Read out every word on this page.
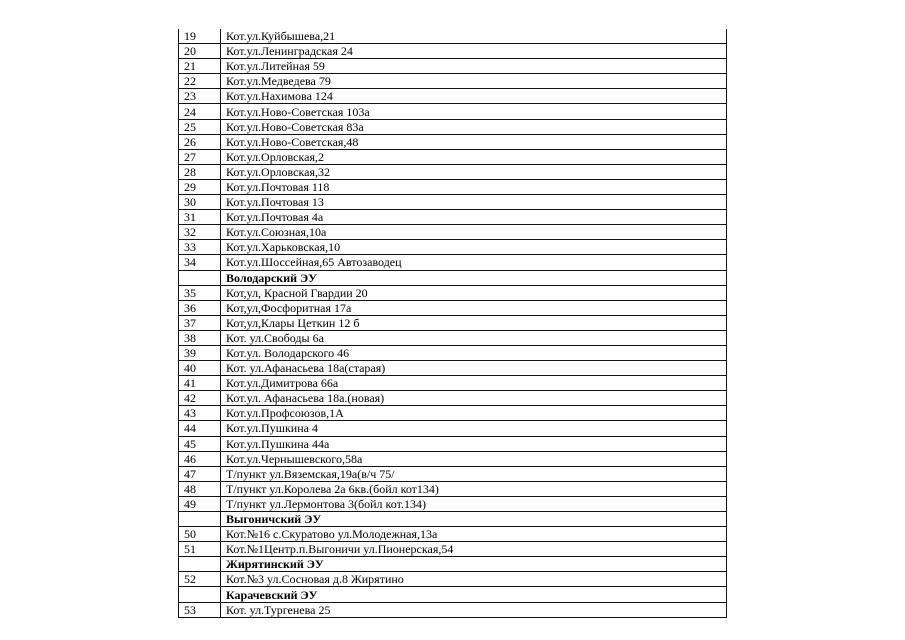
19	Кот.ул.Куйбышева,21
20	Кот.ул.Ленинградская 24
21	Кот.ул.Литейная 59
22	Кот.ул.Медведева 79
23	Кот.ул.Нахимова 124
24	Кот.ул.Ново-Советская 103а
25	Кот.ул.Ново-Советская 83а
26	Кот.ул.Ново-Советская,48
27	Кот.ул.Орловская,2
28	Кот.ул.Орловская,32
29	Кот.ул.Почтовая 118
30	Кот.ул.Почтовая 13
31	Кот.ул.Почтовая 4а
32	Кот.ул.Союзная,10а
33	Кот.ул.Харьковская,10
34	Кот.ул.Шоссейная,65 Автозаводец
	Володарский ЭУ
35	Кот,ул, Красной Гвардии 20
36	Кот,ул,Фосфоритная 17а
37	Кот,ул,Клары Цеткин 12 б
38	Кот. ул.Свободы 6а
39	Кот.ул. Володарского 46
40	Кот. ул.Афанасьева 18а(старая)
41	Кот.ул.Димитрова 66а
42	Кот.ул. Афанасьева 18а.(новая)
43	Кот.ул.Профсоюзов,1А
44	Кот.ул.Пушкина 4
45	Кот.ул.Пушкина 44а
46	Кот.ул.Чернышевского,58а
47	Т/пункт ул.Вяземская,19а(в/ч 75/
48	Т/пункт ул.Королева 2а 6кв.(бойл кот134)
49	Т/пункт ул.Лермонтова 3(бойл кот.134)
	Выгоничский ЭУ
50	Кот.№16 с.Скуратово ул.Молодежная,13а
51	Кот.№1Центр.п.Выгоничи ул.Пионерская,54
	Жирятинский ЭУ
52	Кот.№3 ул.Сосновая д.8 Жирятино
	Карачевский ЭУ
53	Кот. ул.Тургенева 25
